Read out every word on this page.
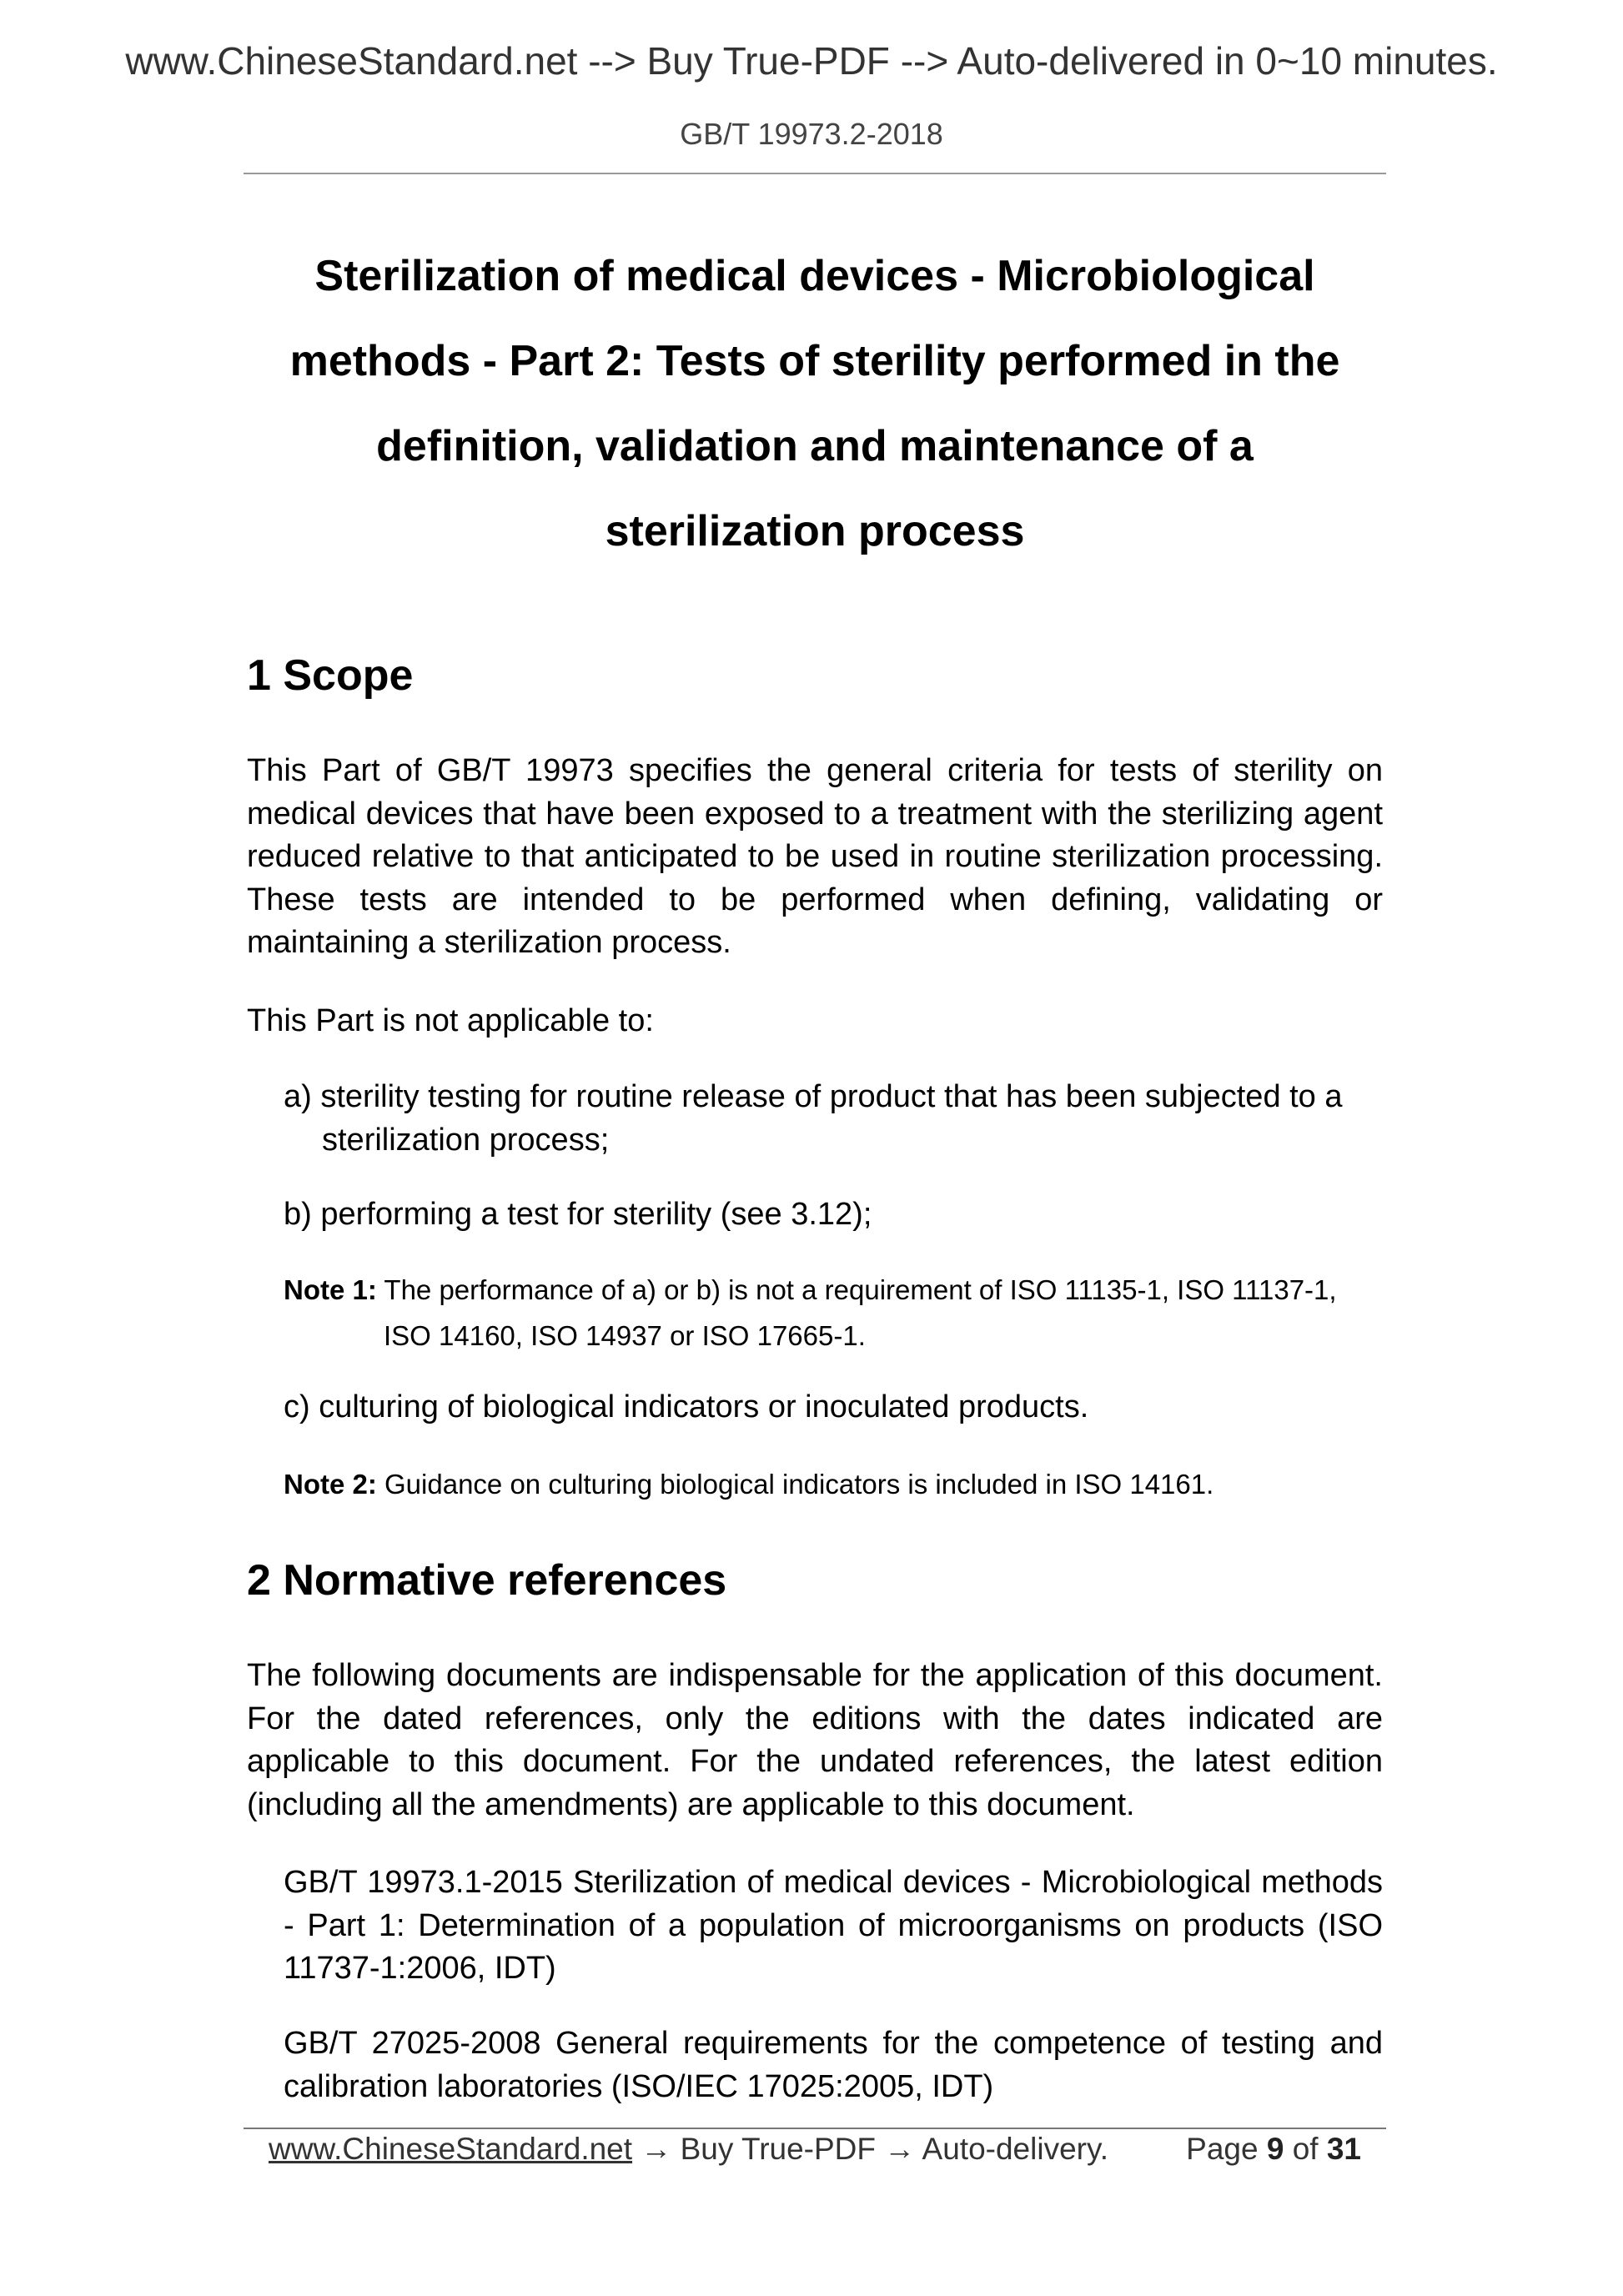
www.ChineseStandard.net --> Buy True-PDF --> Auto-delivered in 0~10 minutes.
GB/T 19973.2-2018
Sterilization of medical devices - Microbiological
methods - Part 2: Tests of sterility performed in the
definition, validation and maintenance of a
sterilization process
1 Scope

This Part of GB/T 19973 specifies the general criteria for tests of sterility on medical devices that have been exposed to a treatment with the sterilizing agent reduced relative to that anticipated to be used in routine sterilization processing. These tests are intended to be performed when defining, validating or maintaining a sterilization process.

This Part is not applicable to:

a) sterility testing for routine release of product that has been subjected to a sterilization process;
b) performing a test for sterility (see 3.12);
Note 1: The performance of a) or b) is not a requirement of ISO 11135-1, ISO 11137-1,
ISO 14160, ISO 14937 or ISO 17665-1.
c) culturing of biological indicators or inoculated products.
Note 2: Guidance on culturing biological indicators is included in ISO 14161.
2 Normative references

The following documents are indispensable for the application of this document. For the dated references, only the editions with the dates indicated are applicable to this document. For the undated references, the latest edition (including all the amendments) are applicable to this document.

GB/T 19973.1-2015 Sterilization of medical devices - Microbiological methods - Part 1: Determination of a population of microorganisms on products (ISO 11737-1:2006, IDT)

GB/T 27025-2008 General requirements for the competence of testing and calibration laboratories (ISO/IEC 17025:2005, IDT)

www.ChineseStandard.net → Buy True-PDF → Auto-delivery.	Page 9 of 31
